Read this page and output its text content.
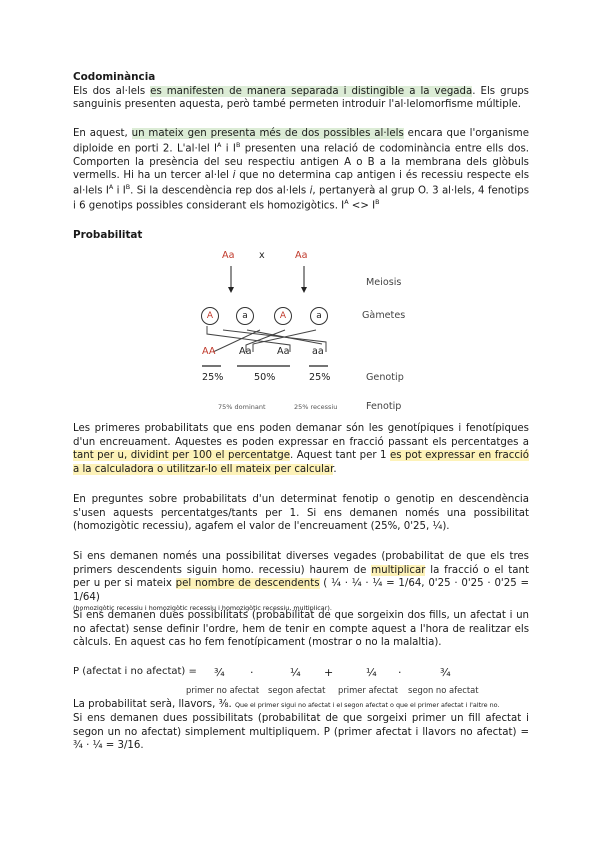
Codominància
Els dos al·lels es manifesten de manera separada i distingible a la vegada. Els grups sanguinis presenten aquesta, però també permeten introduir l'al·lelomorfisme múltiple.
En aquest, un mateix gen presenta més de dos possibles al·lels encara que l'organisme diploide en porti 2. L'al·lel $I^A$ i $I^B$ presenten una relació de codominància entre ells dos. Comporten la presència del seu respectiu antigen A o B a la membrana dels glòbuls vermells. Hi ha un tercer al·lel i que no determina cap antigen i és recessiu respecte els al·lels $I^A$ i $I^B$. Si la descendència rep dos al·lels i, pertanyerà al grup O. 3 al·lels, 4 fenotips i 6 genotips possibles considerant els homozigòtics. $I^A <> I^B$
Probabilitat
Aa	x	Aa
Meiosis
A	a	A	a	Gàmetes
AA Aa	Aa aa
25%	50%	25%	Genotip
75% dominant	25% recessiu	Fenotip
Les primeres probabilitats que ens poden demanar són les genotípiques i fenotípiques d'un encreuament. Aquestes es poden expressar en fracció passant els percentatges a tant per u, dividint per 100 el percentatge. Aquest tant per 1 es pot expressar en fracció a la calculadora o utilitzar-lo ell mateix per calcular.
En preguntes sobre probabilitats d'un determinat fenotip o genotip en descendència s'usen aquests percentatges/tants per 1. Si ens demanen només una possibilitat (homozigòtic recessiu), agafem el valor de l'encreuament (25%, 0'25, ¼).
Si ens demanen només una possibilitat diverses vegades (probabilitat de que els tres primers descendents siguin homo. recessiu) haurem de multiplicar la fracció o el tant per u per si mateix pel nombre de descendents ( ¼ · ¼ · ¼ = 1/64, 0'25 · 0'25 · 0'25 = 1/64)
(homozigòtic recessiu i homozigòtic recessiu i homozigòtic recessiu, multiplicar).
Si ens demanen dues possibilitats (probabilitat de que sorgeixin dos fills, un afectat i un no afectat) sense definir l'ordre, hem de tenir en compte aquest a l'hora de realitzar els càlculs. En aquest cas ho fem fenotípicament (mostrar o no la malaltia).
P (afectat i no afectat) = ¾ ·	¼ +	¼ ·	¾
primer no afectat segon afectat primer afectat segon no afectat
La probabilitat serà, llavors, ⅜. Que el primer sigui no afectat i el segon afectat o que el primer afectat i l'altre no.
Si ens demanen dues possibilitats (probabilitat de que sorgeixi primer un fill afectat i segon un no afectat) simplement multipliquem. P (primer afectat i llavors no afectat) = ¾ · ¼ = 3/16.
